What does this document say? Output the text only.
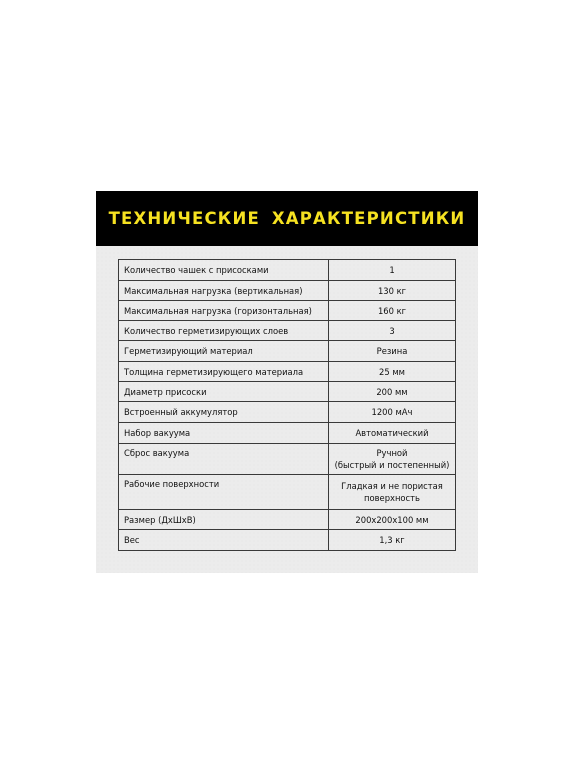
ТЕХНИЧЕСКИЕ ХАРАКТЕРИСТИКИ
Количество чашек с присосками	1
Максимальная нагрузка (вертикальная)	130 кг
Максимальная нагрузка (горизонтальная)	160 кг
Количество герметизирующих слоев	3
Герметизирующий материал	Резина
Толщина герметизирующего материала	25 мм
Диаметр присоски	200 мм
Встроенный аккумулятор	1200 мАч
Набор вакуума	Автоматический
Сброс вакуума	Ручной
(быстрый и постепенный)

Рабочие поверхности	Гладкая и не пористая
поверхность

Размер (ДхШхВ)	200x200x100 мм
Вес	1,3 кг
